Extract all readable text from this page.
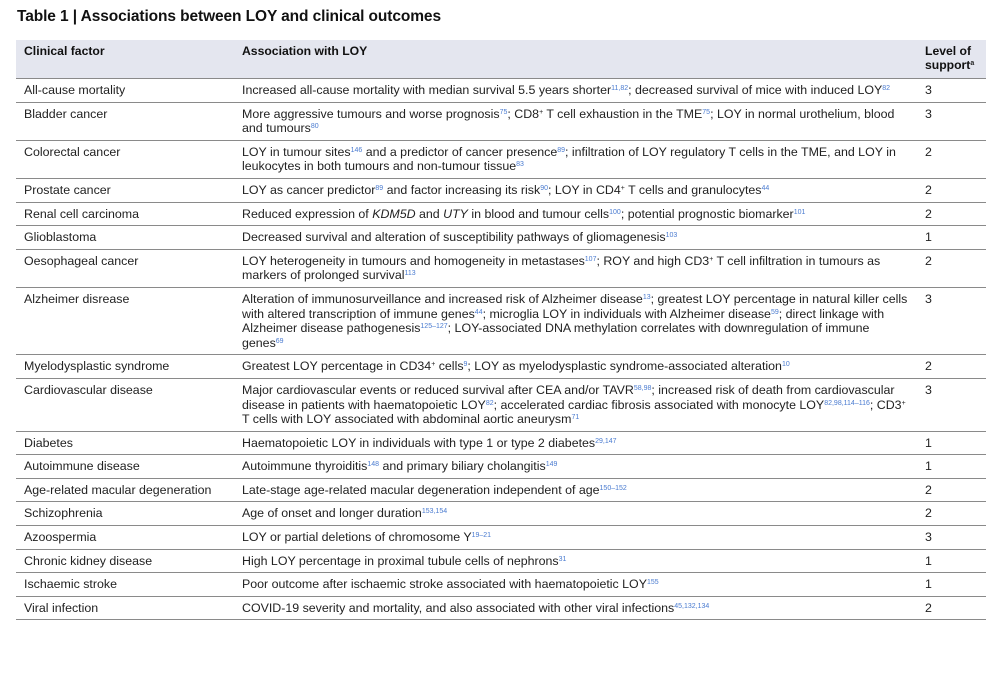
Table 1 | Associations between LOY and clinical outcomes
Clinical factor	Association with LOY	Level of support$^a$
All-cause mortality	Increased all-cause mortality with median survival 5.5 years shorter$^{11,82}$; decreased survival of mice with induced LOY$^{82}$	3
Bladder cancer	More aggressive tumours and worse prognosis$^{75}$; CD8+ T cell exhaustion in the TME$^{75}$; LOY in normal urothelium, blood and tumours$^{80}$	3
Colorectal cancer	LOY in tumour sites$^{146}$ and a predictor of cancer presence$^{89}$; infiltration of LOY regulatory T cells in the TME, and LOY in leukocytes in both tumours and non-tumour tissue$^{83}$	2
Prostate cancer	LOY as cancer predictor$^{89}$ and factor increasing its risk$^{90}$; LOY in CD4+ T cells and granulocytes$^{44}$	2
Renal cell carcinoma	Reduced expression of KDM5D and UTY in blood and tumour cells$^{100}$; potential prognostic biomarker$^{101}$	2
Glioblastoma	Decreased survival and alteration of susceptibility pathways of gliomagenesis$^{103}$	1
Oesophageal cancer	LOY heterogeneity in tumours and homogeneity in metastases$^{107}$; ROY and high CD3+ T cell infiltration in tumours as markers of prolonged survival$^{113}$	2
Alzheimer disrease	Alteration of immunosurveillance and increased risk of Alzheimer disease$^{13}$; greatest LOY percentage in natural killer cells with altered transcription of immune genes$^{44}$; microglia LOY in individuals with Alzheimer disease$^{59}$; direct linkage with Alzheimer disease pathogenesis$^{125-127}$; LOY-associated DNA methylation correlates with downregulation of immune genes$^{69}$	3
Myelodysplastic syndrome	Greatest LOY percentage in CD34+ cells$^9$; LOY as myelodysplastic syndrome-associated alteration$^{10}$	2
Cardiovascular disease	Major cardiovascular events or reduced survival after CEA and/or TAVR$^{58,98}$; increased risk of death from cardiovascular disease in patients with haematopoietic LOY$^{82}$; accelerated cardiac fibrosis associated with monocyte LOY$^{82,98,114-116}$; CD3+ T cells with LOY associated with abdominal aortic aneurysm$^{71}$	3
Diabetes	Haematopoietic LOY in individuals with type 1 or type 2 diabetes$^{29,147}$	1
Autoimmune disease	Autoimmune thyroiditis$^{148}$ and primary biliary cholangitis$^{149}$	1
Age-related macular degeneration	Late-stage age-related macular degeneration independent of age$^{150-152}$	2
Schizophrenia	Age of onset and longer duration$^{153,154}$	2
Azoospermia	LOY or partial deletions of chromosome $Y^{19-21}$	3
Chronic kidney disease	High LOY percentage in proximal tubule cells of nephrons$^{31}$	1
Ischaemic stroke	Poor outcome after ischaemic stroke associated with haematopoietic LOY$^{155}$	1
Viral infection	COVID-19 severity and mortality, and also associated with other viral infections$^{45,132,134}$	2
